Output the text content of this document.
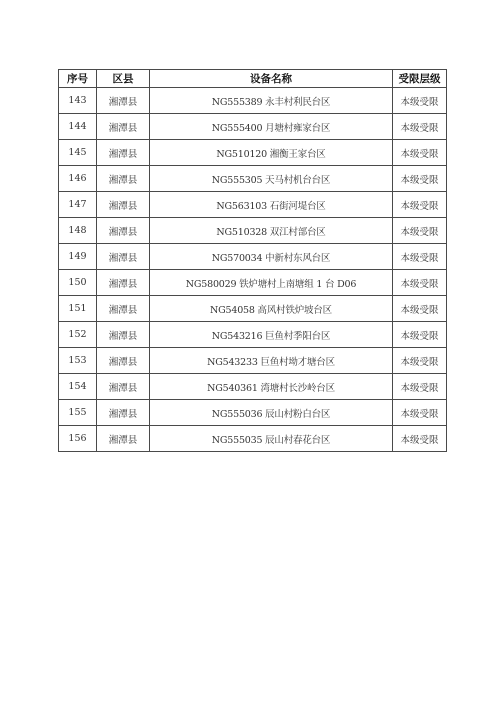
序号	区县	设备名称	受限层级
143	湘潭县	NG555389 永丰村利民台区	本级受限
144	湘潭县	NG555400 月塘村雍家台区	本级受限
145	湘潭县	NG510120 湘衡王家台区	本级受限
146	湘潭县	NG555305 天马村机台台区	本级受限
147	湘潭县	NG563103 石街河堤台区	本级受限
148	湘潭县	NG510328 双江村部台区	本级受限
149	湘潭县	NG570034 中新村东风台区	本级受限
150	湘潭县	NG580029 铁炉塘村上南塘组 1 台 D06	本级受限
151	湘潭县	NG54058 高风村铁炉坡台区	本级受限
152	湘潭县	NG543216 巨鱼村季阳台区	本级受限
153	湘潭县	NG543233 巨鱼村坳才塘台区	本级受限
154	湘潭县	NG540361 湾塘村长沙岭台区	本级受限
155	湘潭县	NG555036 辰山村粉白台区	本级受限
156	湘潭县	NG555035 辰山村春花台区	本级受限
